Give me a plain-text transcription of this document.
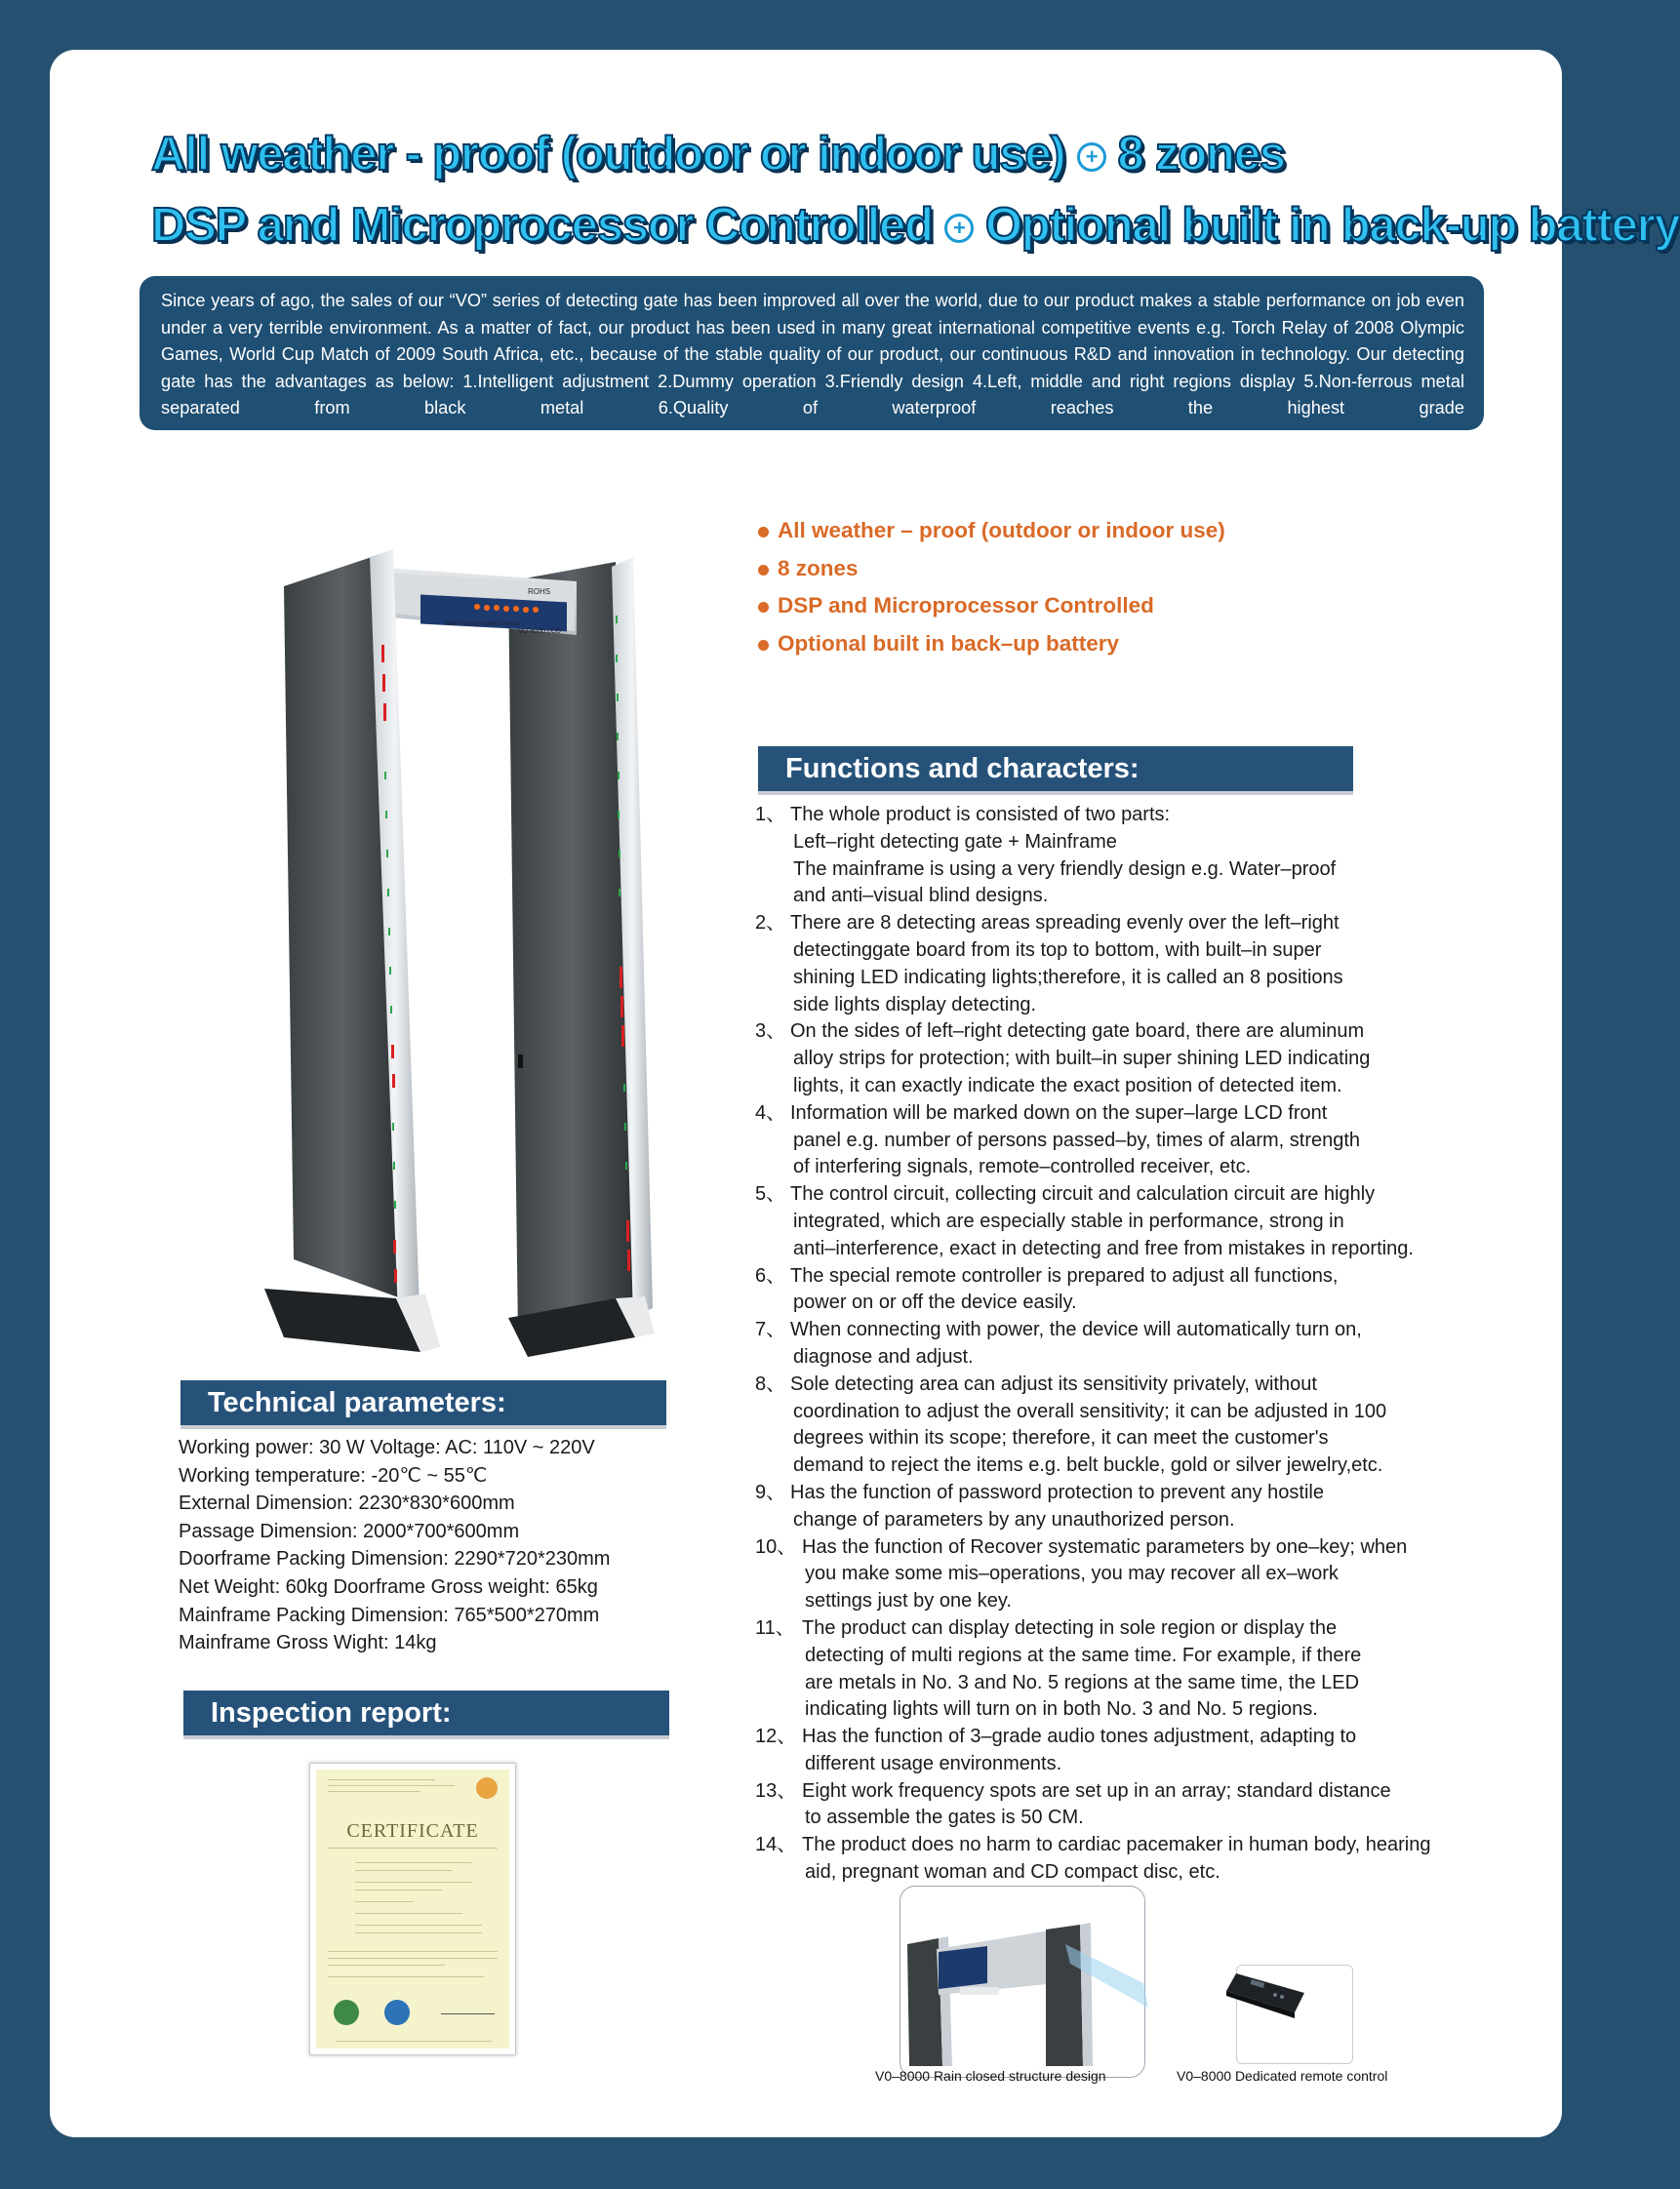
All weather - proof (outdoor or indoor use) + 8 zones
DSP and Microprocessor Controlled + Optional built in back-up battery
Since years of ago, the sales of our “VO” series of detecting gate has been improved all over the world, due to our product makes a stable performance on job even under a very terrible environment. As a matter of fact, our product has been used in many great international competitive events e.g. Torch Relay of 2008 Olympic Games, World Cup Match of 2009 South Africa, etc., because of the stable quality of our product, our continuous R&D and innovation in technology. Our detecting gate has the advantages as below: 1.Intelligent adjustment 2.Dummy operation 3.Friendly design 4.Left, middle and right regions display 5.Non-ferrous metal separated from black metal 6.Quality of waterproof reaches the highest grade
ROHS
VO-8000 LCD
Walk Through Metal Detector
All weather – proof (outdoor or indoor use)
8 zones
DSP and Microprocessor Controlled
Optional built in back–up battery
Functions and characters:
1、 The whole product is consisted of two parts:
Left–right detecting gate + Mainframe
The mainframe is using a very friendly design e.g. Water–proof
and anti–visual blind designs.
2、 There are 8 detecting areas spreading evenly over the left–right
detectinggate board from its top to bottom, with built–in super
shining LED indicating lights;therefore, it is called an 8 positions
side lights display detecting.
3、 On the sides of left–right detecting gate board, there are aluminum
alloy strips for protection; with built–in super shining LED indicating
lights, it can exactly indicate the exact position of detected item.
4、 Information will be marked down on the super–large LCD front
panel e.g. number of persons passed–by, times of alarm, strength
of interfering signals, remote–controlled receiver, etc.
5、 The control circuit, collecting circuit and calculation circuit are highly
integrated, which are especially stable in performance, strong in
anti–interference, exact in detecting and free from mistakes in reporting.
6、 The special remote controller is prepared to adjust all functions,
power on or off the device easily.
7、 When connecting with power, the device will automatically turn on,
diagnose and adjust.
8、 Sole detecting area can adjust its sensitivity privately, without
coordination to adjust the overall sensitivity; it can be adjusted in 100
degrees within its scope; therefore, it can meet the customer's
demand to reject the items e.g. belt buckle, gold or silver jewelry,etc.
9、 Has the function of password protection to prevent any hostile
change of parameters by any unauthorized person.
10、 Has the function of Recover systematic parameters by one–key; when
you make some mis–operations, you may recover all ex–work
settings just by one key.
11、 The product can display detecting in sole region or display the
detecting of multi regions at the same time. For example, if there
are metals in No. 3 and No. 5 regions at the same time, the LED
indicating lights will turn on in both No. 3 and No. 5 regions.
12、 Has the function of 3–grade audio tones adjustment, adapting to
different usage environments.
13、 Eight work frequency spots are set up in an array; standard distance
to assemble the gates is 50 CM.
14、 The product does no harm to cardiac pacemaker in human body, hearing
aid, pregnant woman and CD compact disc, etc.
Technical parameters:
Working power: 30 W Voltage: AC: 110V ~ 220V
Working temperature: -20℃ ~ 55℃
External Dimension: 2230*830*600mm
Passage Dimension: 2000*700*600mm
Doorframe Packing Dimension: 2290*720*230mm
Net Weight: 60kg Doorframe Gross weight: 65kg
Mainframe Packing Dimension: 765*500*270mm
Mainframe Gross Wight: 14kg
Inspection report:
CERTIFICATE
V0–8000 Rain closed structure design	V0–8000 Dedicated remote control
